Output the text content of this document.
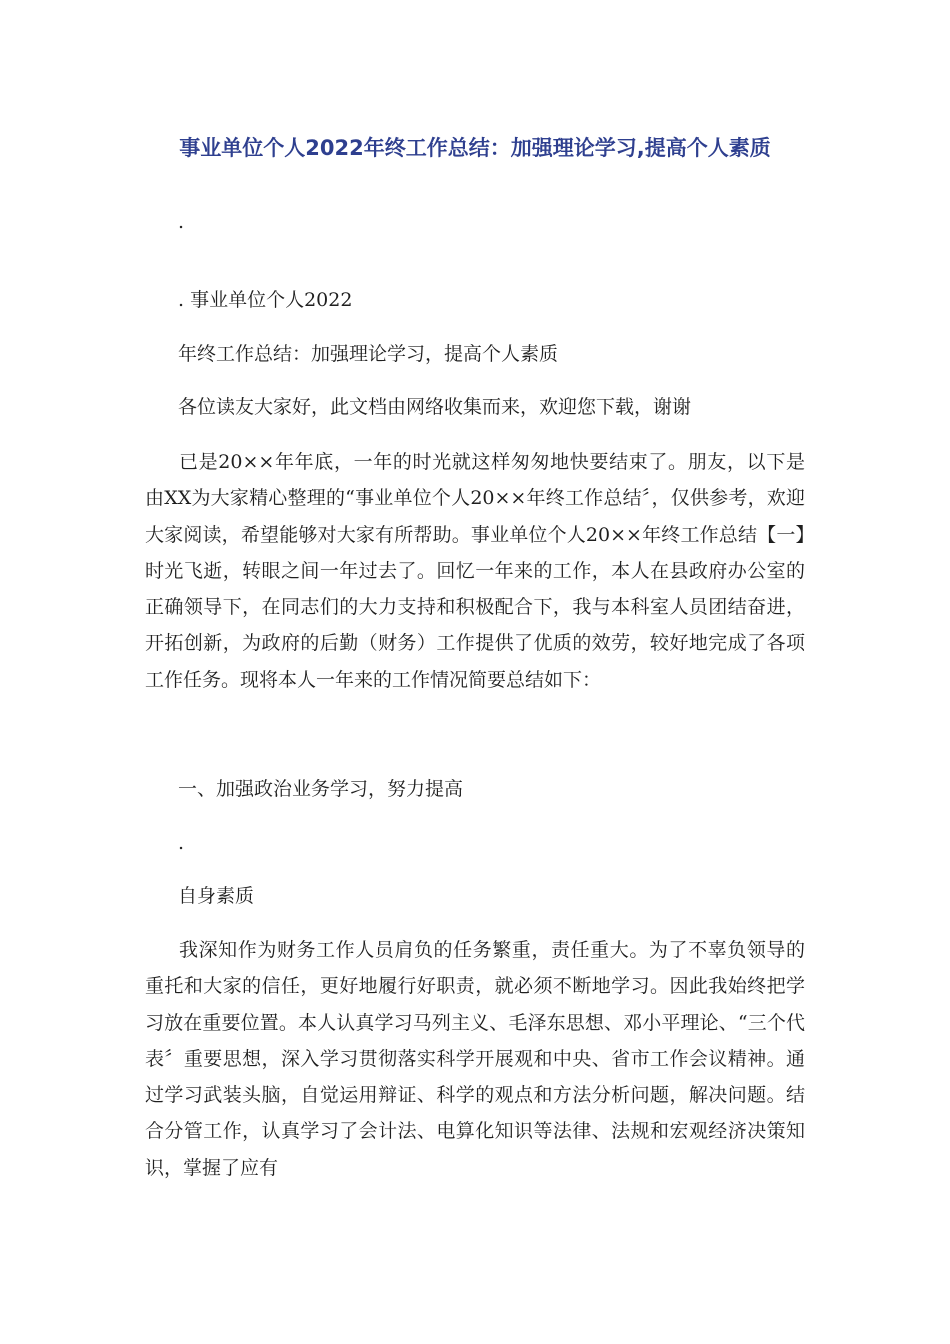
事业单位个人2022年终工作总结：加强理论学习,提高个人素质
.
. 事业单位个人2022
年终工作总结：加强理论学习，提高个人素质
各位读友大家好，此文档由网络收集而来，欢迎您下载，谢谢

已是20××年年底，一年的时光就这样匆匆地快要结束了。朋友，以下是由XX为大家精心整理的“事业单位个人20××年终工作总结〞，仅供参考，欢迎大家阅读，希望能够对大家有所帮助。事业单位个人20××年终工作总结【一】时光飞逝，转眼之间一年过去了。回忆一年来的工作，本人在县政府办公室的正确领导下，在同志们的大力支持和积极配合下，我与本科室人员团结奋进，开拓创新，为政府的后勤（财务）工作提供了优质的效劳，较好地完成了各项工作任务。现将本人一年来的工作情况简要总结如下：

一、加强政治业务学习，努力提高
.
自身素质

我深知作为财务工作人员肩负的任务繁重，责任重大。为了不辜负领导的重托和大家的信任，更好地履行好职责，就必须不断地学习。因此我始终把学习放在重要位置。本人认真学习马列主义、毛泽东思想、邓小平理论、“三个代表〞重要思想，深入学习贯彻落实科学开展观和中央、省市工作会议精神。通过学习武装头脑，自觉运用辩证、科学的观点和方法分析问题，解决问题。结合分管工作，认真学习了会计法、电算化知识等法律、法规和宏观经济决策知识，掌握了应有
